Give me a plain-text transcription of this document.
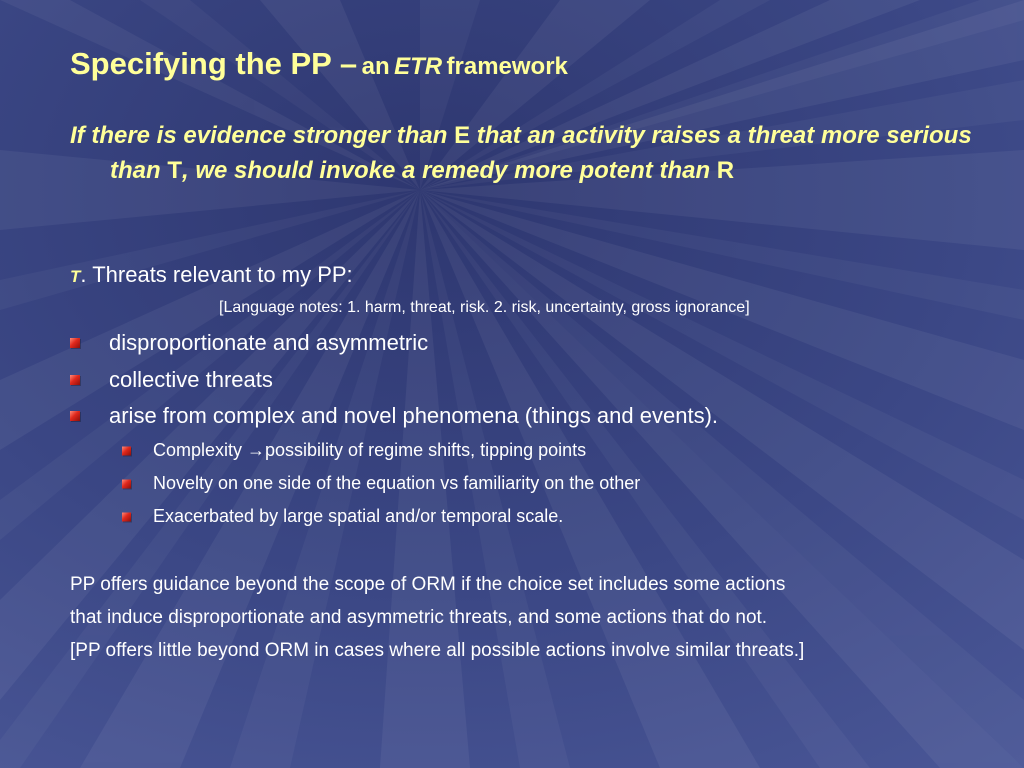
Specifying the PP – an ETR framework
If there is evidence stronger than E that an activity raises a threat more serious than T, we should invoke a remedy more potent than R
T. Threats relevant to my PP:
[Language notes: 1. harm, threat, risk. 2. risk, uncertainty, gross ignorance]
disproportionate and asymmetric
collective threats
arise from complex and novel phenomena (things and events).
Complexity →possibility of regime shifts, tipping points
Novelty on one side of the equation vs familiarity on the other
Exacerbated by large spatial and/or temporal scale.

PP offers guidance beyond the scope of ORM if the choice set includes some actions

that induce disproportionate and asymmetric threats, and some actions that do not.

[PP offers little beyond ORM in cases where all possible actions involve similar threats.]
